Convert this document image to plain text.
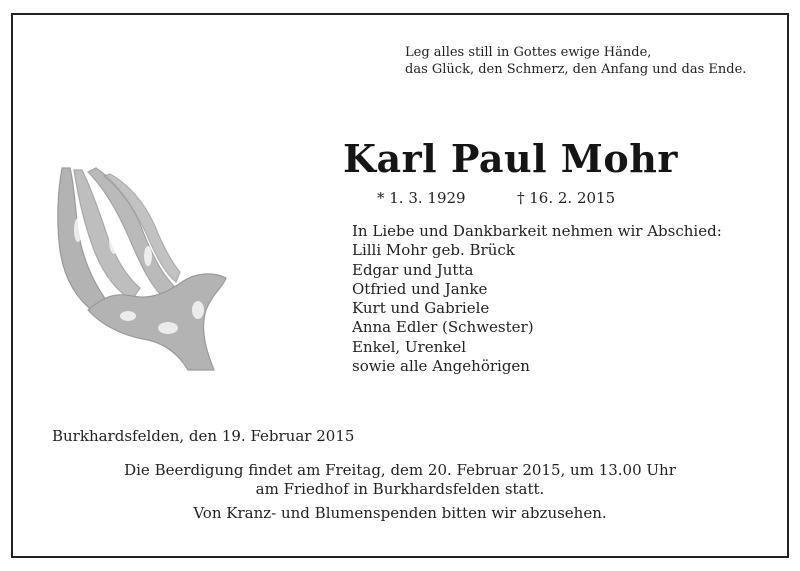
Leg alles still in Gottes ewige Hände,
das Glück, den Schmerz, den Anfang und das Ende.
Karl Paul Mohr
* 1. 3. 1929	† 16. 2. 2015
In Liebe und Dankbarkeit nehmen wir Abschied:
Lilli Mohr geb. Brück
Edgar und Jutta
Otfried und Janke
Kurt und Gabriele
Anna Edler (Schwester)
Enkel, Urenkel
sowie alle Angehörigen
Burkhardsfelden, den 19. Februar 2015
Die Beerdigung findet am Freitag, dem 20. Februar 2015, um 13.00 Uhr
am Friedhof in Burkhardsfelden statt.
Von Kranz- und Blumenspenden bitten wir abzusehen.
